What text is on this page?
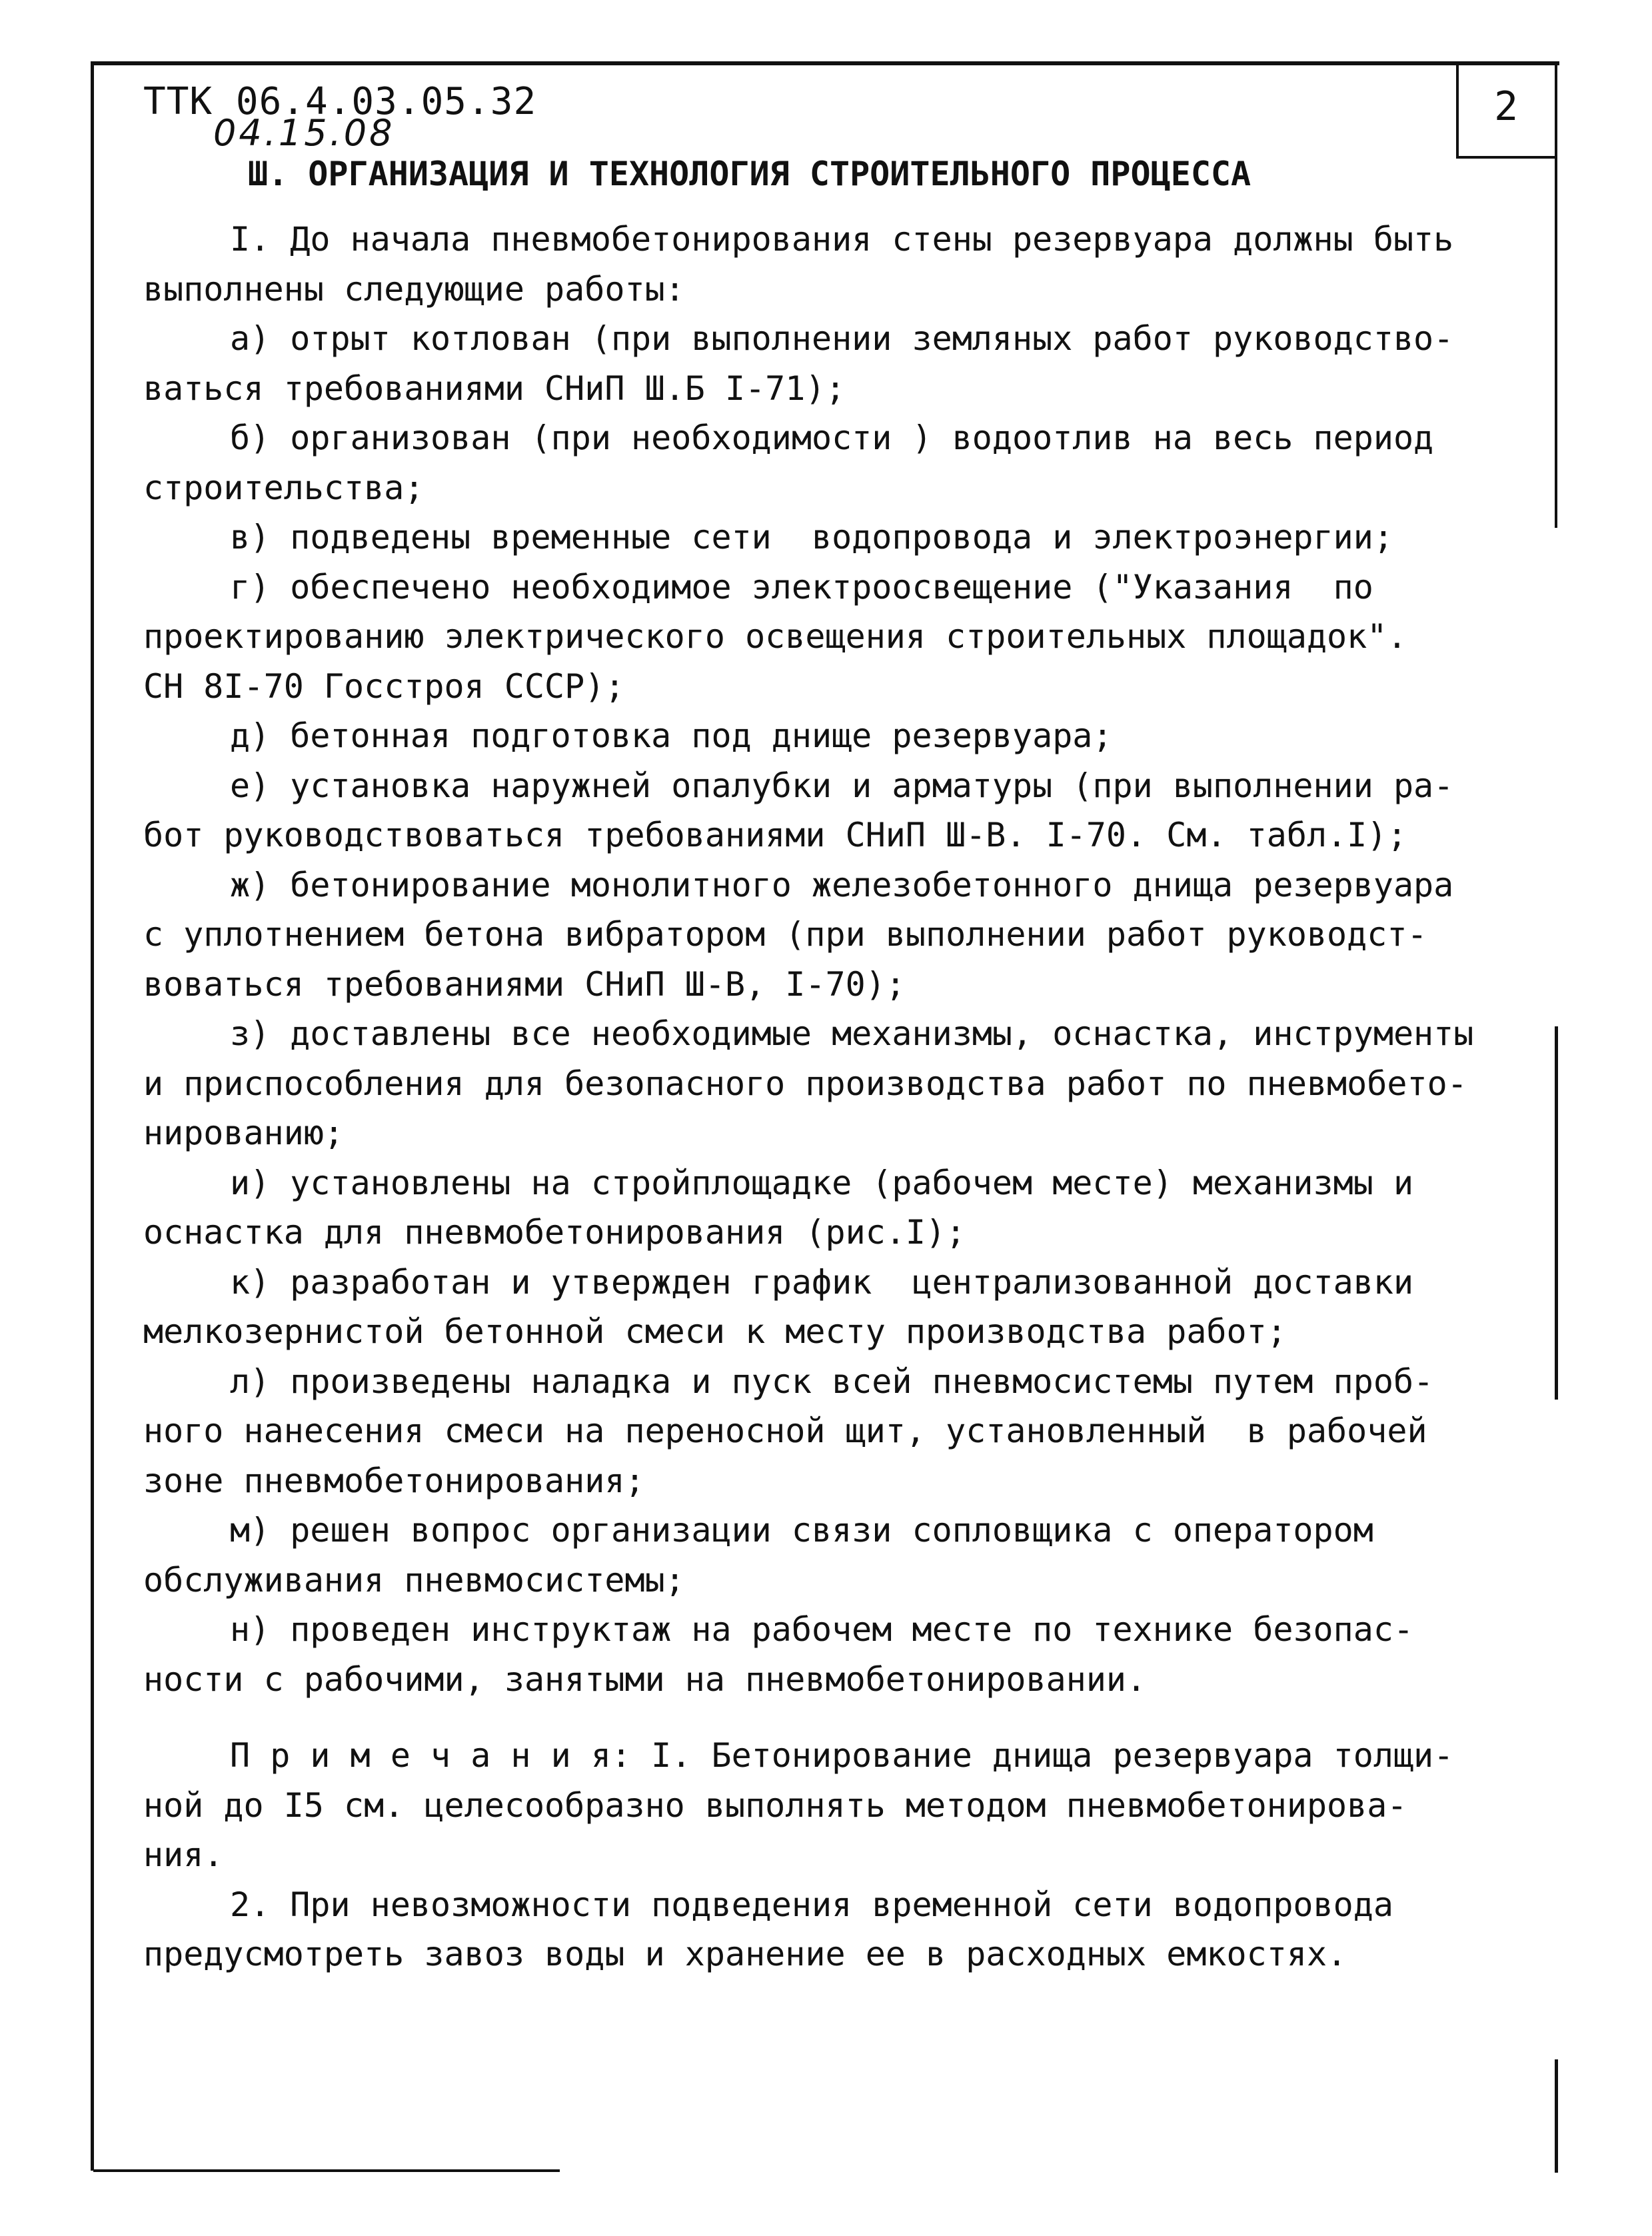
2
ТТК 06.4.03.05.32
04.15.08
Ш. ОРГАНИЗАЦИЯ И ТЕХНОЛОГИЯ СТРОИТЕЛЬНОГО ПРОЦЕССА
I. До начала пневмобетонирования стены резервуара должны быть
выполнены следующие работы:
а) отрыт котлован (при выполнении земляных работ руководство-
ваться требованиями СНиП Ш.Б I-71);
б) организован (при необходимости ) водоотлив на весь период
строительства;
в) подведены временные сети  водопровода и электроэнергии;
г) обеспечено необходимое электроосвещение ("Указания  по
проектированию электрического освещения строительных площадок".
СН 8I-70 Госстроя СССР);
д) бетонная подготовка под днище резервуара;
е) установка наружней опалубки и арматуры (при выполнении ра-
бот руководствоваться требованиями СНиП Ш-В. I-70. См. табл.I);
ж) бетонирование монолитного железобетонного днища резервуара
с уплотнением бетона вибратором (при выполнении работ руководст-
воваться требованиями СНиП Ш-В, I-70);
з) доставлены все необходимые механизмы, оснастка, инструменты
и приспособления для безопасного производства работ по пневмобето-
нированию;
и) установлены на стройплощадке (рабочем месте) механизмы и
оснастка для пневмобетонирования (рис.I);
к) разработан и утвержден график  централизованной доставки
мелкозернистой бетонной смеси к месту производства работ;
л) произведены наладка и пуск всей пневмосистемы путем проб-
ного нанесения смеси на переносной щит, установленный  в рабочей
зоне пневмобетонирования;
м) решен вопрос организации связи сопловщика с оператором
обслуживания пневмосистемы;
н) проведен инструктаж на рабочем месте по технике безопас-
ности с рабочими, занятыми на пневмобетонировании.
П р и м е ч а н и я: I. Бетонирование днища резервуара толщи-
ной до I5 см. целесообразно выполнять методом пневмобетонирова-
ния.
2. При невозможности подведения временной сети водопровода
предусмотреть завоз воды и хранение ее в расходных емкостях.
